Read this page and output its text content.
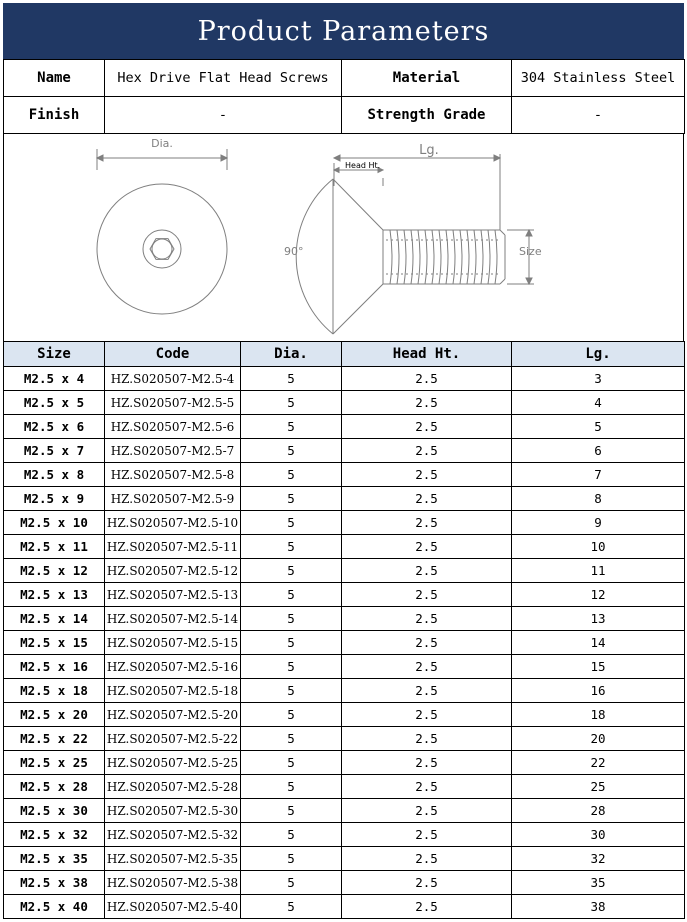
Product Parameters
Name	Hex Drive Flat Head Screws	Material	304 Stainless Steel
Finish	-	Strength Grade	-
Dia.	Lg.
Head Ht.
90°	Size
Size	Code	Dia.	Head Ht.	Lg.
M2.5 x 4	HZ.S020507-M2.5-4	5	2.5	3
M2.5 x 5	HZ.S020507-M2.5-5	5	2.5	4
M2.5 x 6	HZ.S020507-M2.5-6	5	2.5	5
M2.5 x 7	HZ.S020507-M2.5-7	5	2.5	6
M2.5 x 8	HZ.S020507-M2.5-8	5	2.5	7
M2.5 x 9	HZ.S020507-M2.5-9	5	2.5	8
M2.5 x 10	HZ.S020507-M2.5-10	5	2.5	9
M2.5 x 11	HZ.S020507-M2.5-11	5	2.5	10
M2.5 x 12	HZ.S020507-M2.5-12	5	2.5	11
M2.5 x 13	HZ.S020507-M2.5-13	5	2.5	12
M2.5 x 14	HZ.S020507-M2.5-14	5	2.5	13
M2.5 x 15	HZ.S020507-M2.5-15	5	2.5	14
M2.5 x 16	HZ.S020507-M2.5-16	5	2.5	15
M2.5 x 18	HZ.S020507-M2.5-18	5	2.5	16
M2.5 x 20	HZ.S020507-M2.5-20	5	2.5	18
M2.5 x 22	HZ.S020507-M2.5-22	5	2.5	20
M2.5 x 25	HZ.S020507-M2.5-25	5	2.5	22
M2.5 x 28	HZ.S020507-M2.5-28	5	2.5	25
M2.5 x 30	HZ.S020507-M2.5-30	5	2.5	28
M2.5 x 32	HZ.S020507-M2.5-32	5	2.5	30
M2.5 x 35	HZ.S020507-M2.5-35	5	2.5	32
M2.5 x 38	HZ.S020507-M2.5-38	5	2.5	35
M2.5 x 40	HZ.S020507-M2.5-40	5	2.5	38
